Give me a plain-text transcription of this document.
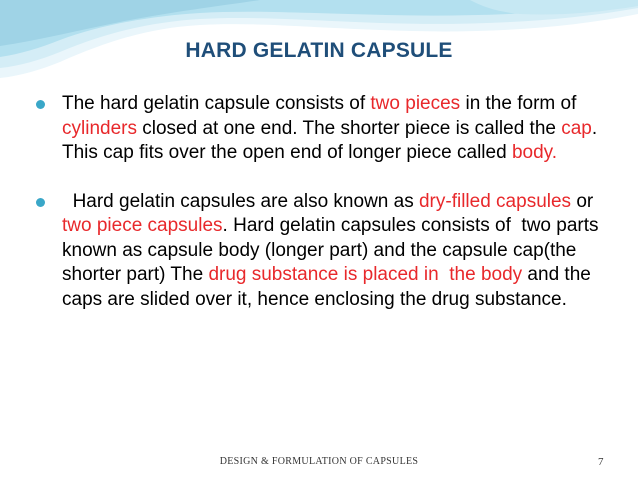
HARD GELATIN CAPSULE
The hard gelatin capsule consists of two pieces in the form of cylinders closed at one end. The shorter piece is called the cap. This cap fits over the open end of longer piece called body.
Hard gelatin capsules are also known as dry-filled capsules or two piece capsules. Hard gelatin capsules consists of  two parts known as capsule body (longer part) and the capsule cap(the shorter part) The drug substance is placed in  the body and the caps are slided over it, hence enclosing the drug substance.
DESIGN & FORMULATION OF CAPSULES	7
